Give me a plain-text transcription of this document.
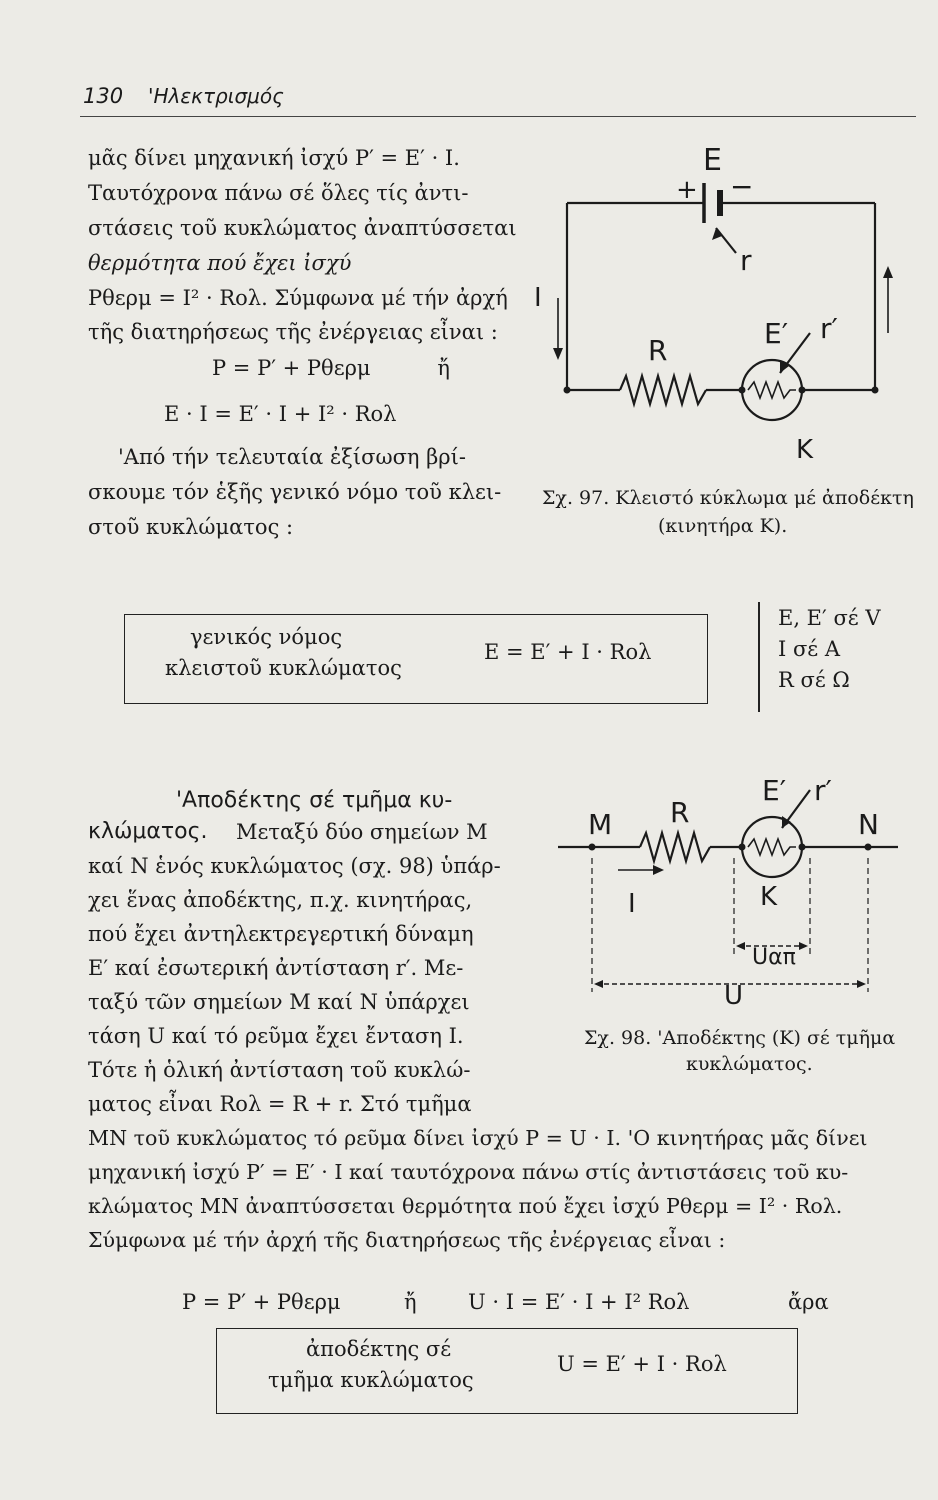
130 'Ηλεκτρισμός
μᾶς δίνει μηχανική ἰσχύ P′ = E′ · I.
Ταυτόχρονα πάνω σέ ὅλες τίς ἀντι-
στάσεις τοῦ κυκλώματος ἀναπτύσσεται
θερμότητα πού ἔχει ἰσχύ
Pθερμ = I² · Rολ. Σύμφωνα μέ τήν ἀρχή
τῆς διατηρήσεως τῆς ἐνέργειας εἶναι :
P = P′ + Pθερμ          ἤ
E · I = E′ · I + I² · Rολ
'Από τήν τελευταία ἐξίσωση βρί-
σκουμε τόν ἑξῆς γενικό νόμο τοῦ κλει-
στοῦ κυκλώματος :
E
+ −
r
I
R
E′ r′
K
Σχ. 97. Κλειστό κύκλωμα μέ ἀποδέκτη
(κινητήρα K).
γενικός νόμος
κλειστοῦ κυκλώματος
E = E′ + I · Rολ
E, E′ σέ V
I σέ A
R σέ Ω
'Αποδέκτης σέ τμῆμα κυ-
κλώματος. Μεταξύ δύο σημείων M
καί N ἑνός κυκλώματος (σχ. 98) ὑπάρ-
χει ἕνας ἀποδέκτης, π.χ. κινητήρας,
πού ἔχει ἀντηλεκτρεγερτική δύναμη
E′ καί ἐσωτερική ἀντίσταση r′. Με-
ταξύ τῶν σημείων M καί N ὑπάρχει
τάση U καί τό ρεῦμα ἔχει ἔνταση I.
Τότε ἡ ὁλική ἀντίσταση τοῦ κυκλώ-
ματος εἶναι Rολ = R + r. Στό τμῆμα
M	N
R
E′ r′
K
I
Uαπ
U
Σχ. 98. 'Αποδέκτης (K) σέ τμῆμα
κυκλώματος.
MN τοῦ κυκλώματος τό ρεῦμα δίνει ἰσχύ P = U · I. 'O κινητήρας μᾶς δίνει
μηχανική ἰσχύ P′ = E′ · I καί ταυτόχρονα πάνω στίς ἀντιστάσεις τοῦ κυ-
κλώματος MN ἀναπτύσσεται θερμότητα πού ἔχει ἰσχύ Pθερμ = I² · Rολ.
Σύμφωνα μέ τήν ἀρχή τῆς διατηρήσεως τῆς ἐνέργειας εἶναι :
P = P′ + Pθερμ	ἤ U · I = E′ · I + I² Rολ	ἄρα
ἀποδέκτης σέ
τμῆμα κυκλώματος
U = E′ + I · Rολ
